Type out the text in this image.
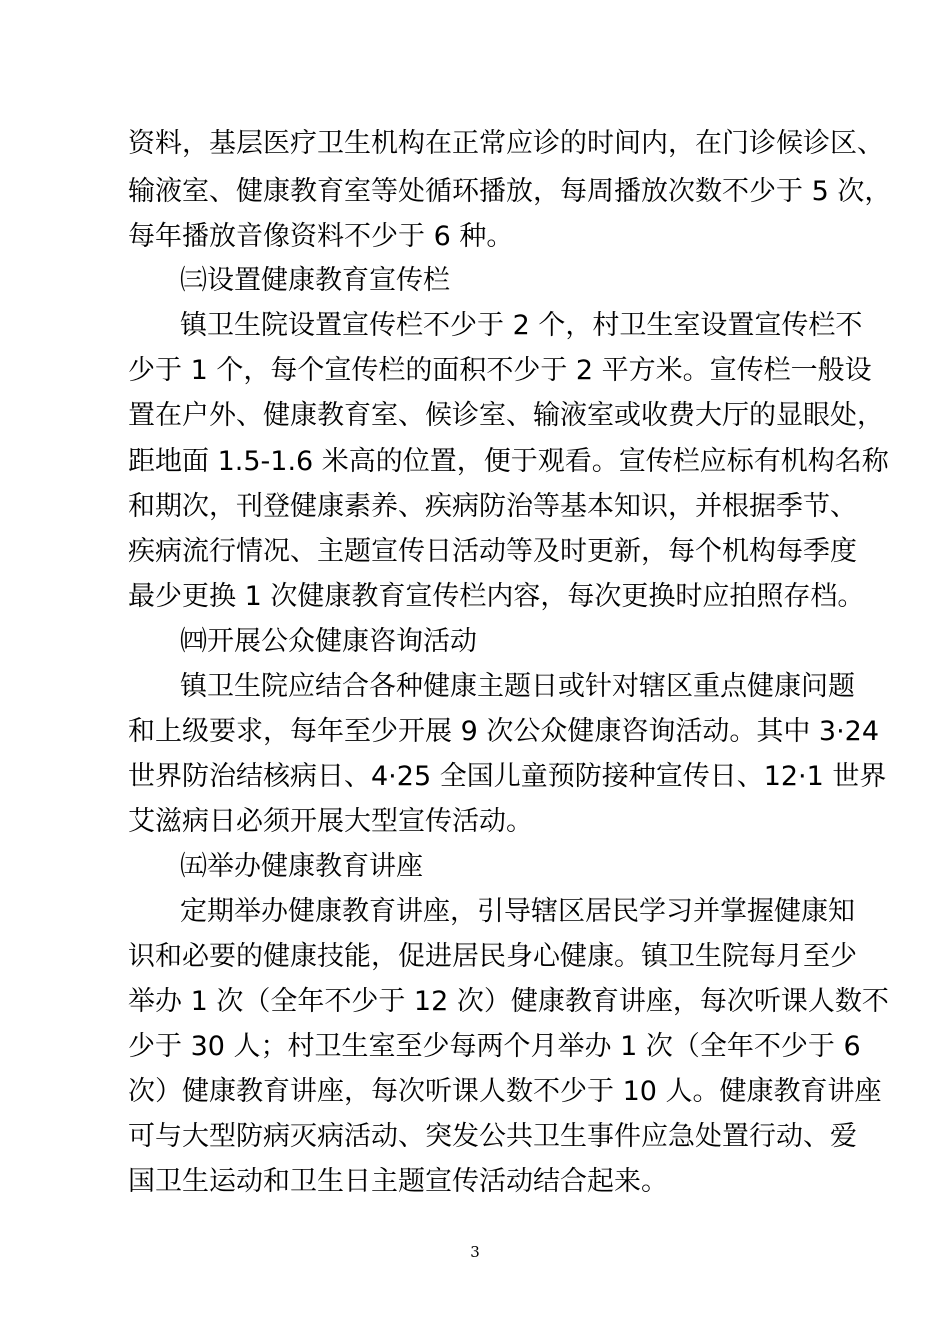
资料，基层医疗卫生机构在正常应诊的时间内，在门诊候诊区、
输液室、健康教育室等处循环播放，每周播放次数不少于 5 次，
每年播放音像资料不少于 6 种。
㈢设置健康教育宣传栏
镇卫生院设置宣传栏不少于 2 个，村卫生室设置宣传栏不
少于 1 个，每个宣传栏的面积不少于 2 平方米。宣传栏一般设
置在户外、健康教育室、候诊室、输液室或收费大厅的显眼处，
距地面 1.5-1.6 米高的位置，便于观看。宣传栏应标有机构名称
和期次，刊登健康素养、疾病防治等基本知识，并根据季节、
疾病流行情况、主题宣传日活动等及时更新，每个机构每季度
最少更换 1 次健康教育宣传栏内容，每次更换时应拍照存档。
㈣开展公众健康咨询活动
镇卫生院应结合各种健康主题日或针对辖区重点健康问题
和上级要求，每年至少开展 9 次公众健康咨询活动。其中 3·24
世界防治结核病日、4·25 全国儿童预防接种宣传日、12·1 世界
艾滋病日必须开展大型宣传活动。
㈤举办健康教育讲座
定期举办健康教育讲座，引导辖区居民学习并掌握健康知
识和必要的健康技能，促进居民身心健康。镇卫生院每月至少
举办 1 次（全年不少于 12 次）健康教育讲座，每次听课人数不
少于 30 人；村卫生室至少每两个月举办 1 次（全年不少于 6
次）健康教育讲座，每次听课人数不少于 10 人。健康教育讲座
可与大型防病灭病活动、突发公共卫生事件应急处置行动、爱
国卫生运动和卫生日主题宣传活动结合起来。
3
